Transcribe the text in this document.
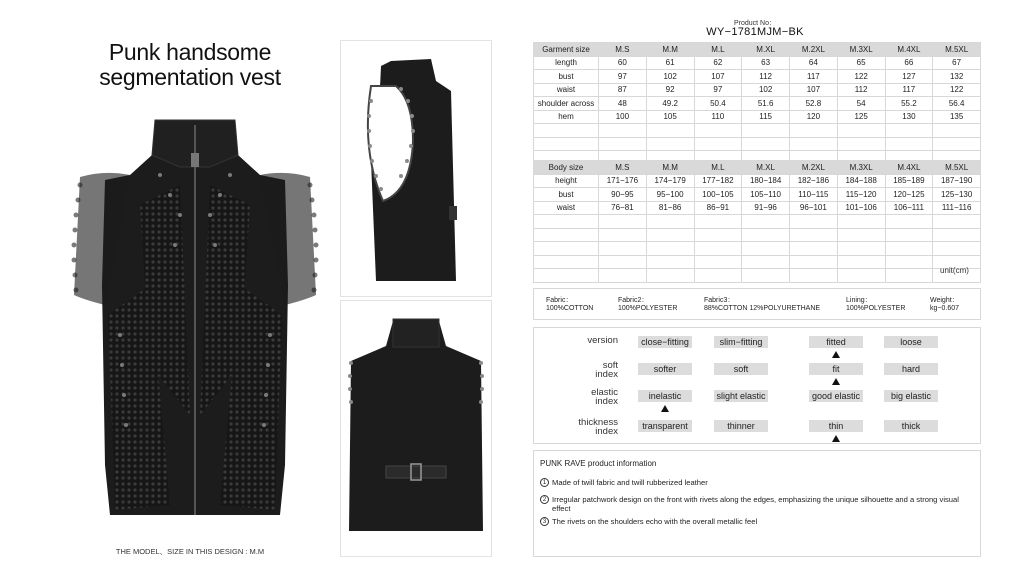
Punk handsome
segmentation vest
THE MODEL、SIZE IN THIS DESIGN : M.M
Product No：
WY−1781MJM−BK
Garment size	M.S	M.M	M.L	M.XL	M.2XL	M.3XL	M.4XL	M.5XL
length	60	61	62	63	64	65	66	67
bust	97	102	107	112	117	122	127	132
waist	87	92	97	102	107	112	117	122
shoulder across	48	49.2	50.4	51.6	52.8	54	55.2	56.4
hem	100	105	110	115	120	125	130	135

Body size	M.S	M.M	M.L	M.XL	M.2XL	M.3XL	M.4XL	M.5XL
height	171−176	174−179	177−182	180−184	182−186	184−188	185−189	187−190
bust	90−95	95−100	100−105	105−110	110−115	115−120	120−125	125−130
waist	76−81	81−86	86−91	91−96	96−101	101−106	106−111	111−116

unit(cm)
Fabric：
100%COTTON
Fabric2：
100%POLYESTER
Fabric3：
88%COTTON 12%POLYURETHANE
Lining：
100%POLYESTER
Weight：
kg−0.607
version	close−fitting	slim−fitting	fitted	loose
soft
index	softer	soft	fit	hard
elastic
index	inelastic	slight elastic	good elastic	big elastic
thickness
index	transparent	thinner	thin	thick
PUNK RAVE product information
1 Made of twill fabric and twill rubberized leather
2 Irregular patchwork design on the front with rivets along the edges, emphasizing the unique silhouette and a strong visual effect
3 The rivets on the shoulders echo with the overall metallic feel
